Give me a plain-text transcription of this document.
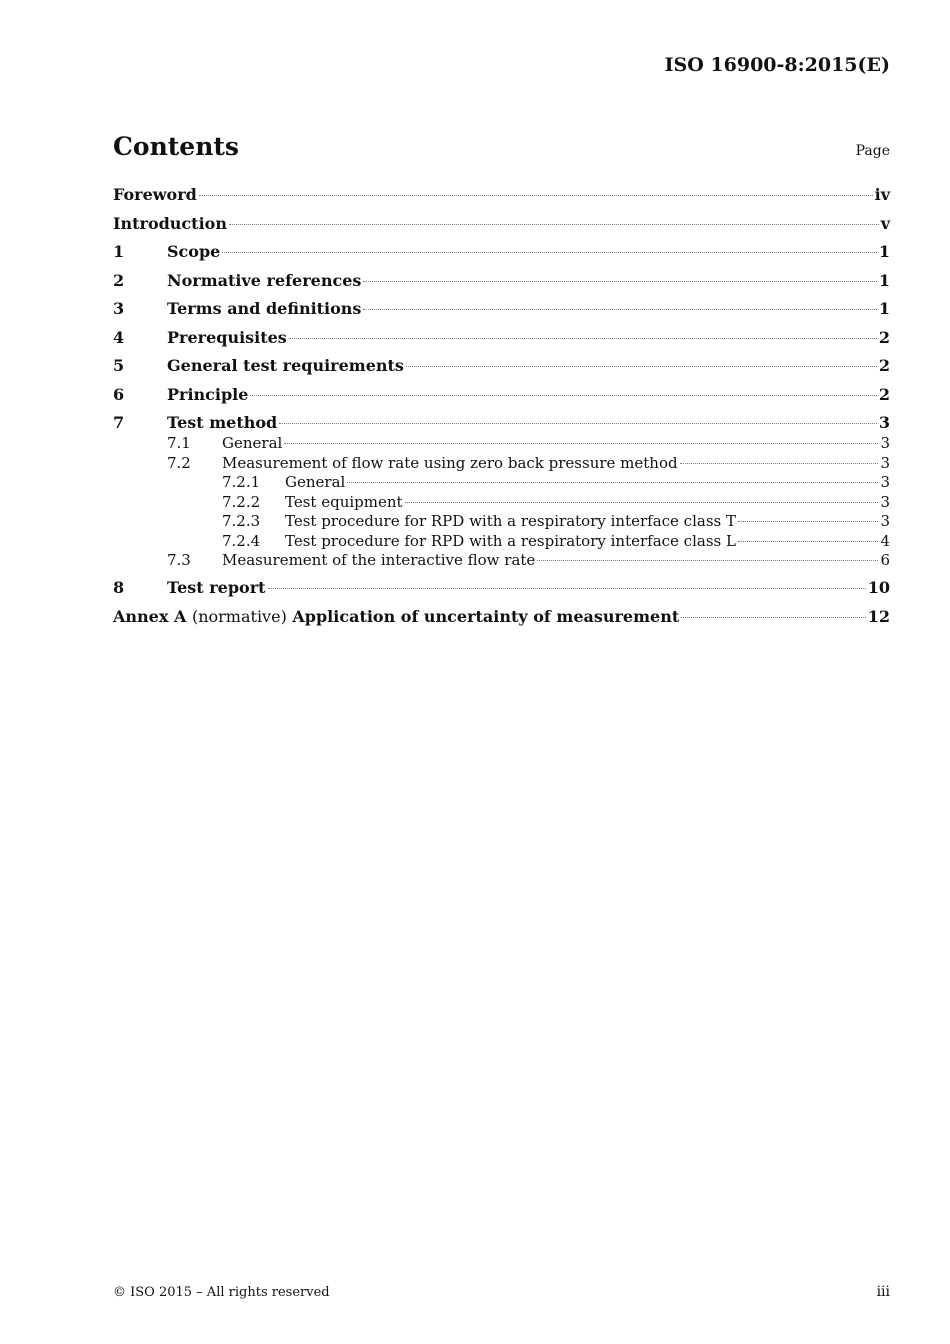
ISO 16900-8:2015(E)
Contents	Page
Foreword	iv
Introduction	v
1	Scope	1
2	Normative references	1
3	Terms and definitions	1
4	Prerequisites	2
5	General test requirements	2
6	Principle	2
7	Test method	3
7.1	General	3
7.2	Measurement of flow rate using zero back pressure method	3
7.2.1	General	3
7.2.2	Test equipment	3
7.2.3	Test procedure for RPD with a respiratory interface class T	3
7.2.4	Test procedure for RPD with a respiratory interface class L	4
7.3	Measurement of the interactive flow rate	6
8	Test report	10
Annex A (normative) Application of uncertainty of measurement	12
© ISO 2015 – All rights reserved	iii
